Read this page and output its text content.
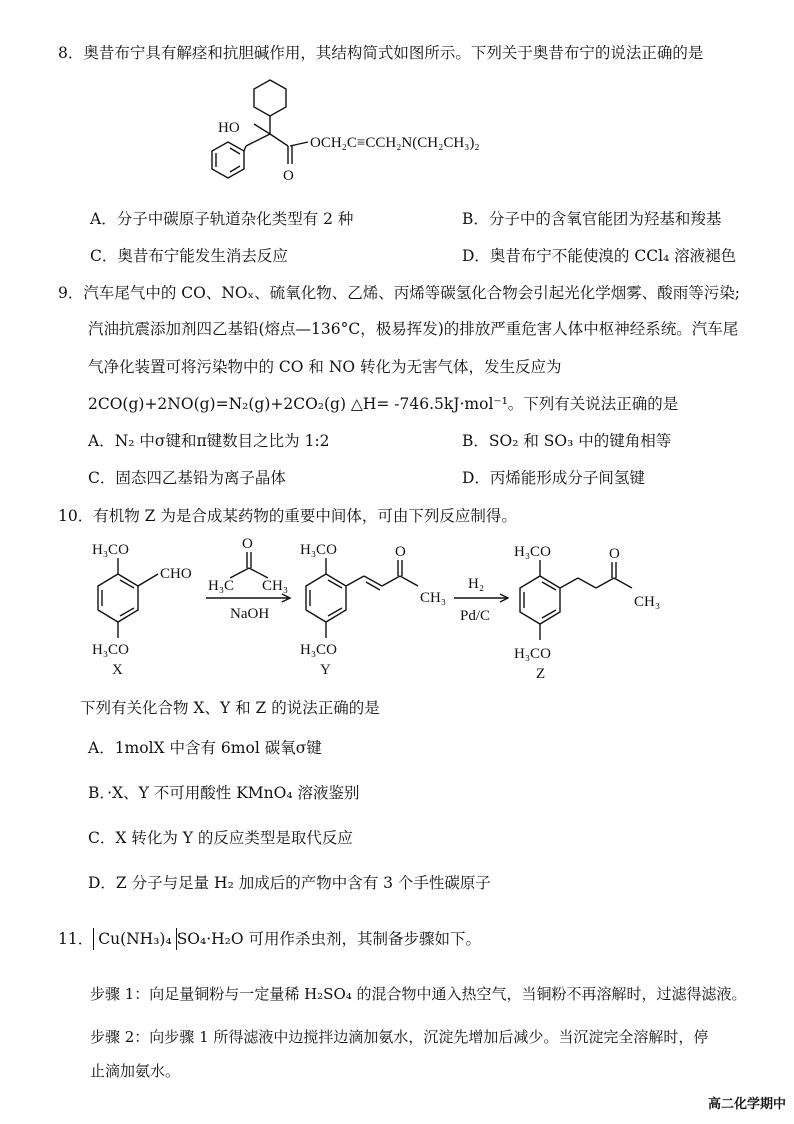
8．奥昔布宁具有解痉和抗胆碱作用，其结构简式如图所示。下列关于奥昔布宁的说法正确的是
HO
O
OCH₂C≡CCH₂N(CH₂CH₃)₂
A．分子中碳原子轨道杂化类型有 2 种	B．分子中的含氧官能团为羟基和羧基
C．奥昔布宁能发生消去反应	D．奥昔布宁不能使溴的 CCl₄ 溶液褪色
9．汽车尾气中的 CO、NOₓ、硫氧化物、乙烯、丙烯等碳氢化合物会引起光化学烟雾、酸雨等污染;
汽油抗震添加剂四乙基铅(熔点—136°C，极易挥发)的排放严重危害人体中枢神经系统。汽车尾
气净化装置可将污染物中的 CO 和 NO 转化为无害气体，发生反应为
2CO(g)+2NO(g)=N₂(g)+2CO₂(g) △H= -746.5kJ·mol⁻¹。下列有关说法正确的是
A．N₂ 中σ键和π键数目之比为 1:2	B．SO₂ 和 SO₃ 中的键角相等
C．固态四乙基铅为离子晶体	D．丙烯能形成分子间氢键
10．有机物 Z 为是合成某药物的重要中间体，可由下列反应制得。
H₃CO
CHO
H₃CO
X
O
H₃C CH₃
NaOH
H₃CO	O
CH₃
H₃CO
Y
H₂
Pd/C
H₃CO	O
CH₃
H₃CO
Z
下列有关化合物 X、Y 和 Z 的说法正确的是
A．1molX 中含有 6mol 碳氧σ键
B．·X、Y 不可用酸性 KMnO₄ 溶液鉴别
C．X 转化为 Y 的反应类型是取代反应
D．Z 分子与足量 H₂ 加成后的产物中含有 3 个手性碳原子
11． Cu(NH₃)₄ SO₄·H₂O 可用作杀虫剂，其制备步骤如下。
步骤 1：向足量铜粉与一定量稀 H₂SO₄ 的混合物中通入热空气，当铜粉不再溶解时，过滤得滤液。
步骤 2：向步骤 1 所得滤液中边搅拌边滴加氨水，沉淀先增加后减少。当沉淀完全溶解时，停
止滴加氨水。
高二化学期中
